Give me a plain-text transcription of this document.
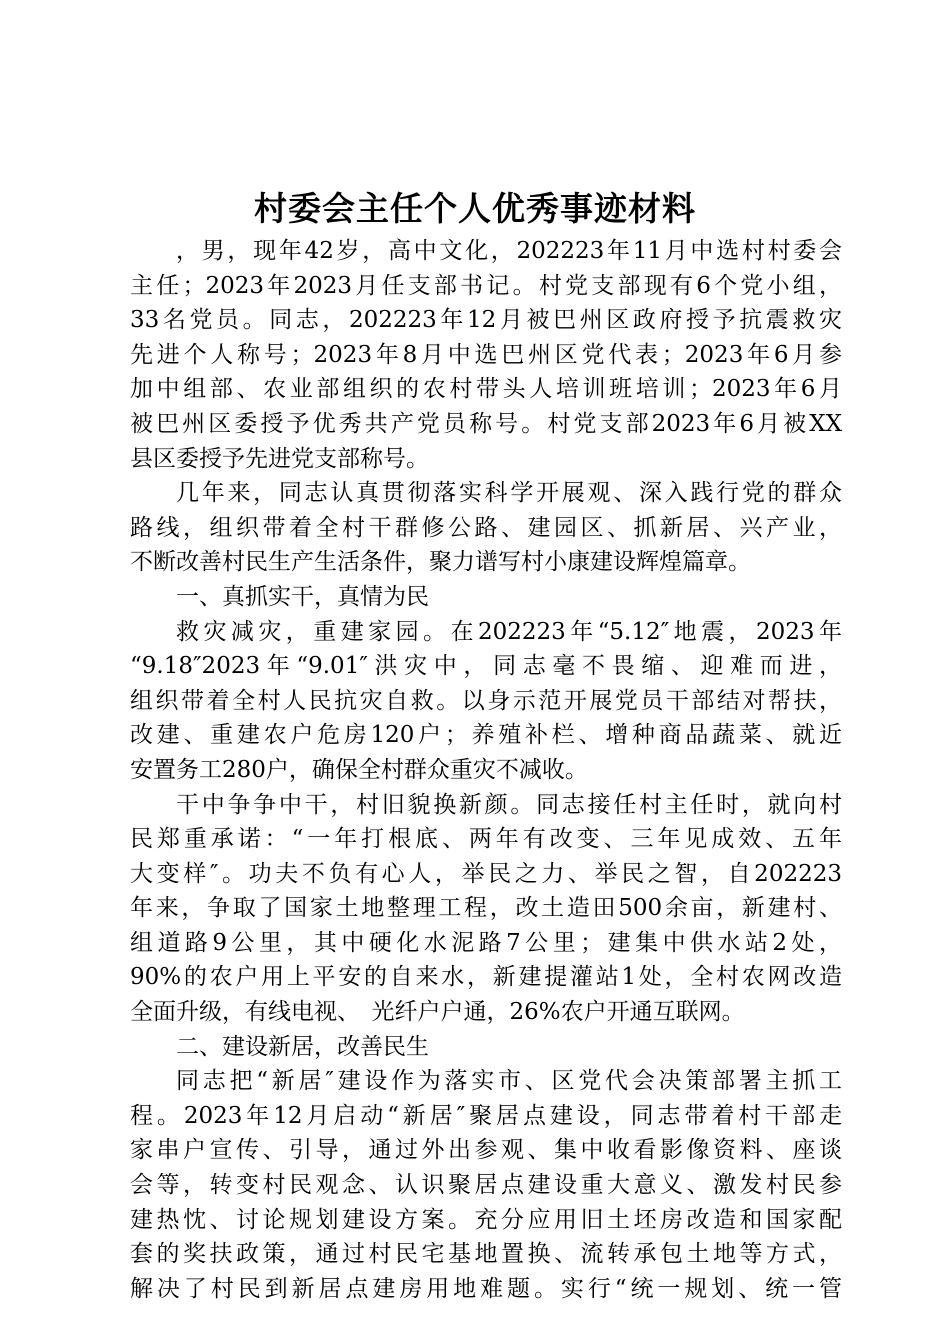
村委会主任个人优秀事迹材料
，男，现年42岁，高中文化，202223年11月中选村村委会
主任；2023年2023月任支部书记。村党支部现有6个党小组，
33名党员。同志，202223年12月被巴州区政府授予抗震救灾
先进个人称号；2023年8月中选巴州区党代表；2023年6月参
加中组部、农业部组织的农村带头人培训班培训；2023年6月
被巴州区委授予优秀共产党员称号。村党支部2023年6月被XX
县区委授予先进党支部称号。
几年来，同志认真贯彻落实科学开展观、深入践行党的群众
路线，组织带着全村干群修公路、建园区、抓新居、兴产业，
不断改善村民生产生活条件，聚力谱写村小康建设辉煌篇章。
一、真抓实干，真情为民
救灾减灾，重建家园。在202223年“5.12″地震，2023年
“9.18″2023年“9.01″洪灾中，同志毫不畏缩、迎难而进，
组织带着全村人民抗灾自救。以身示范开展党员干部结对帮扶，
改建、重建农户危房120户；养殖补栏、增种商品蔬菜、就近
安置务工280户，确保全村群众重灾不减收。
干中争争中干，村旧貌换新颜。同志接任村主任时，就向村
民郑重承诺：“一年打根底、两年有改变、三年见成效、五年
大变样″。功夫不负有心人，举民之力、举民之智，自202223
年来，争取了国家土地整理工程，改土造田500余亩，新建村、
组道路9公里，其中硬化水泥路7公里；建集中供水站2处，
90%的农户用上平安的自来水，新建提灌站1处，全村农网改造
全面升级，有线电视、　光纤户户通，26%农户开通互联网。
二、建设新居，改善民生
同志把“新居″建设作为落实市、区党代会决策部署主抓工
程。2023年12月启动“新居″聚居点建设，同志带着村干部走
家串户宣传、引导，通过外出参观、集中收看影像资料、座谈
会等，转变村民观念、认识聚居点建设重大意义、激发村民参
建热忱、讨论规划建设方案。充分应用旧土坯房改造和国家配
套的奖扶政策，通过村民宅基地置换、流转承包土地等方式，
解决了村民到新居点建房用地难题。实行“统一规划、统一管
